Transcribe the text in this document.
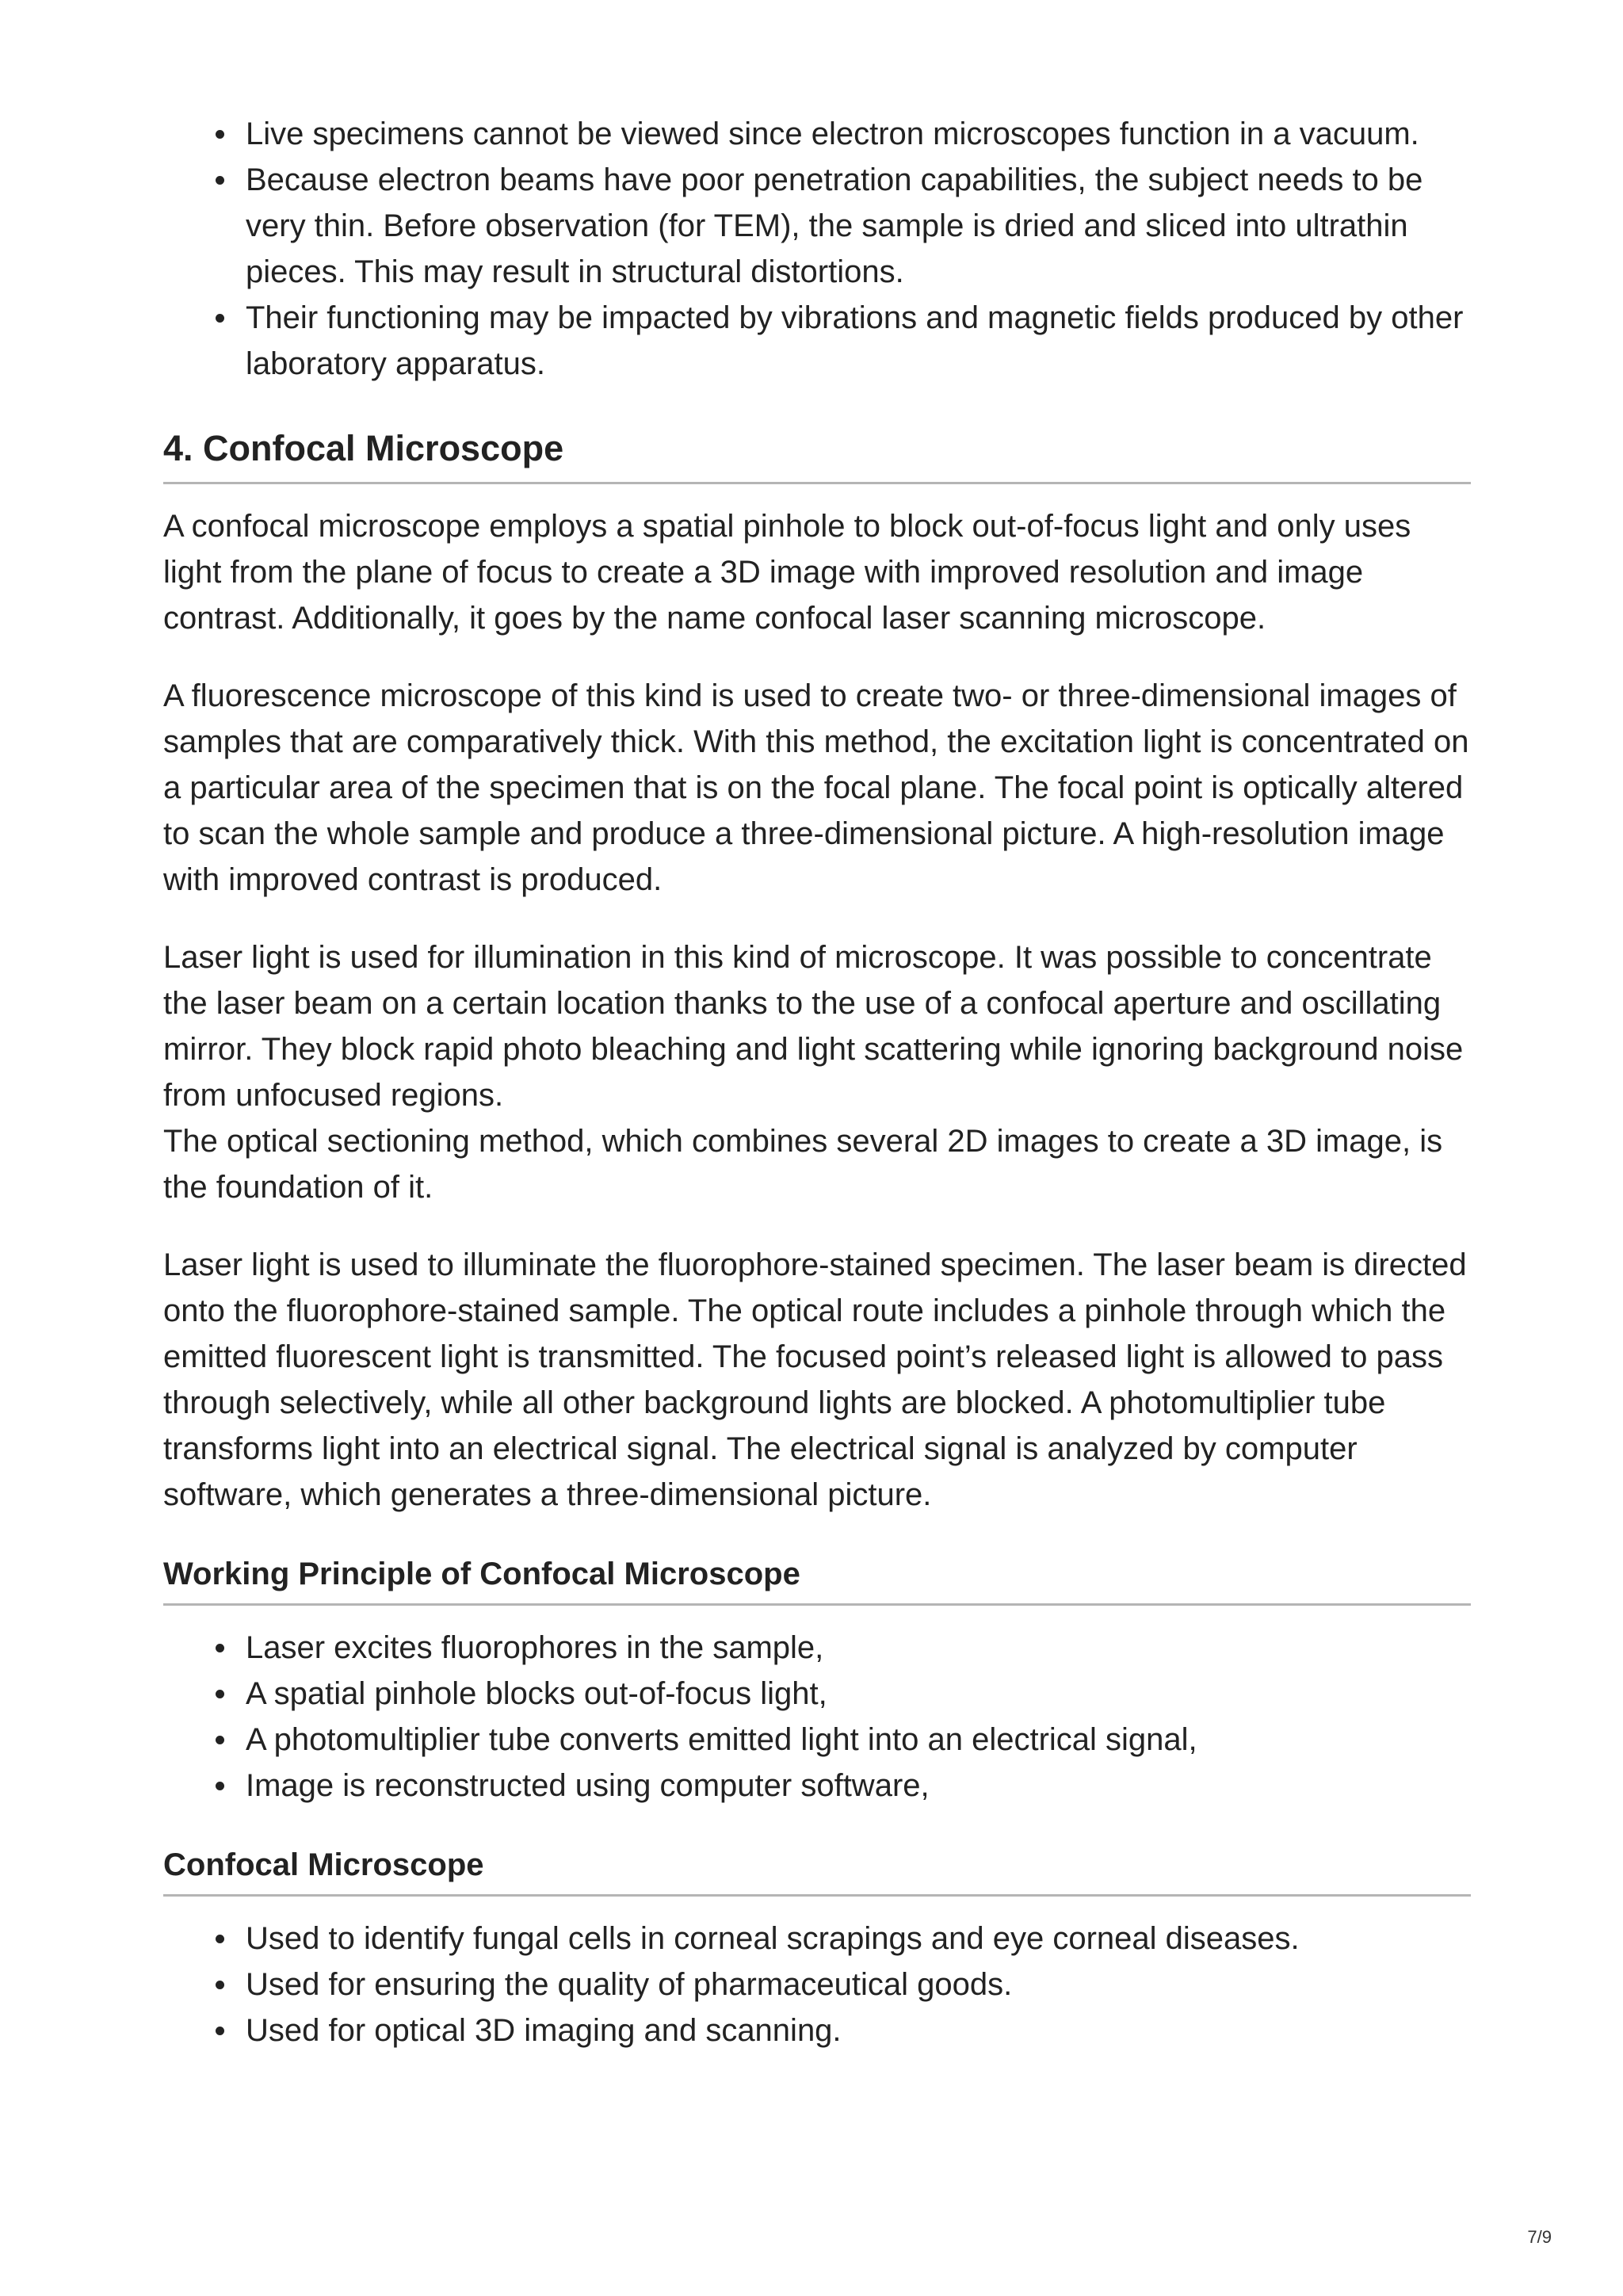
Live specimens cannot be viewed since electron microscopes function in a vacuum.
Because electron beams have poor penetration capabilities, the subject needs to be very thin. Before observation (for TEM), the sample is dried and sliced into ultrathin pieces. This may result in structural distortions.
Their functioning may be impacted by vibrations and magnetic fields produced by other laboratory apparatus.
4. Confocal Microscope

A confocal microscope employs a spatial pinhole to block out-of-focus light and only uses light from the plane of focus to create a 3D image with improved resolution and image contrast. Additionally, it goes by the name confocal laser scanning microscope.

A fluorescence microscope of this kind is used to create two- or three-dimensional images of samples that are comparatively thick. With this method, the excitation light is concentrated on a particular area of the specimen that is on the focal plane. The focal point is optically altered to scan the whole sample and produce a three-dimensional picture. A high-resolution image with improved contrast is produced.

Laser light is used for illumination in this kind of microscope. It was possible to concentrate the laser beam on a certain location thanks to the use of a confocal aperture and oscillating mirror. They block rapid photo bleaching and light scattering while ignoring background noise from unfocused regions.
The optical sectioning method, which combines several 2D images to create a 3D image, is the foundation of it.

Laser light is used to illuminate the fluorophore-stained specimen. The laser beam is directed onto the fluorophore-stained sample. The optical route includes a pinhole through which the emitted fluorescent light is transmitted. The focused point’s released light is allowed to pass through selectively, while all other background lights are blocked. A photomultiplier tube transforms light into an electrical signal. The electrical signal is analyzed by computer software, which generates a three-dimensional picture.

Working Principle of Confocal Microscope
Laser excites fluorophores in the sample,
A spatial pinhole blocks out-of-focus light,
A photomultiplier tube converts emitted light into an electrical signal,
Image is reconstructed using computer software,
Confocal Microscope
Used to identify fungal cells in corneal scrapings and eye corneal diseases.
Used for ensuring the quality of pharmaceutical goods.
Used for optical 3D imaging and scanning.
7/9
